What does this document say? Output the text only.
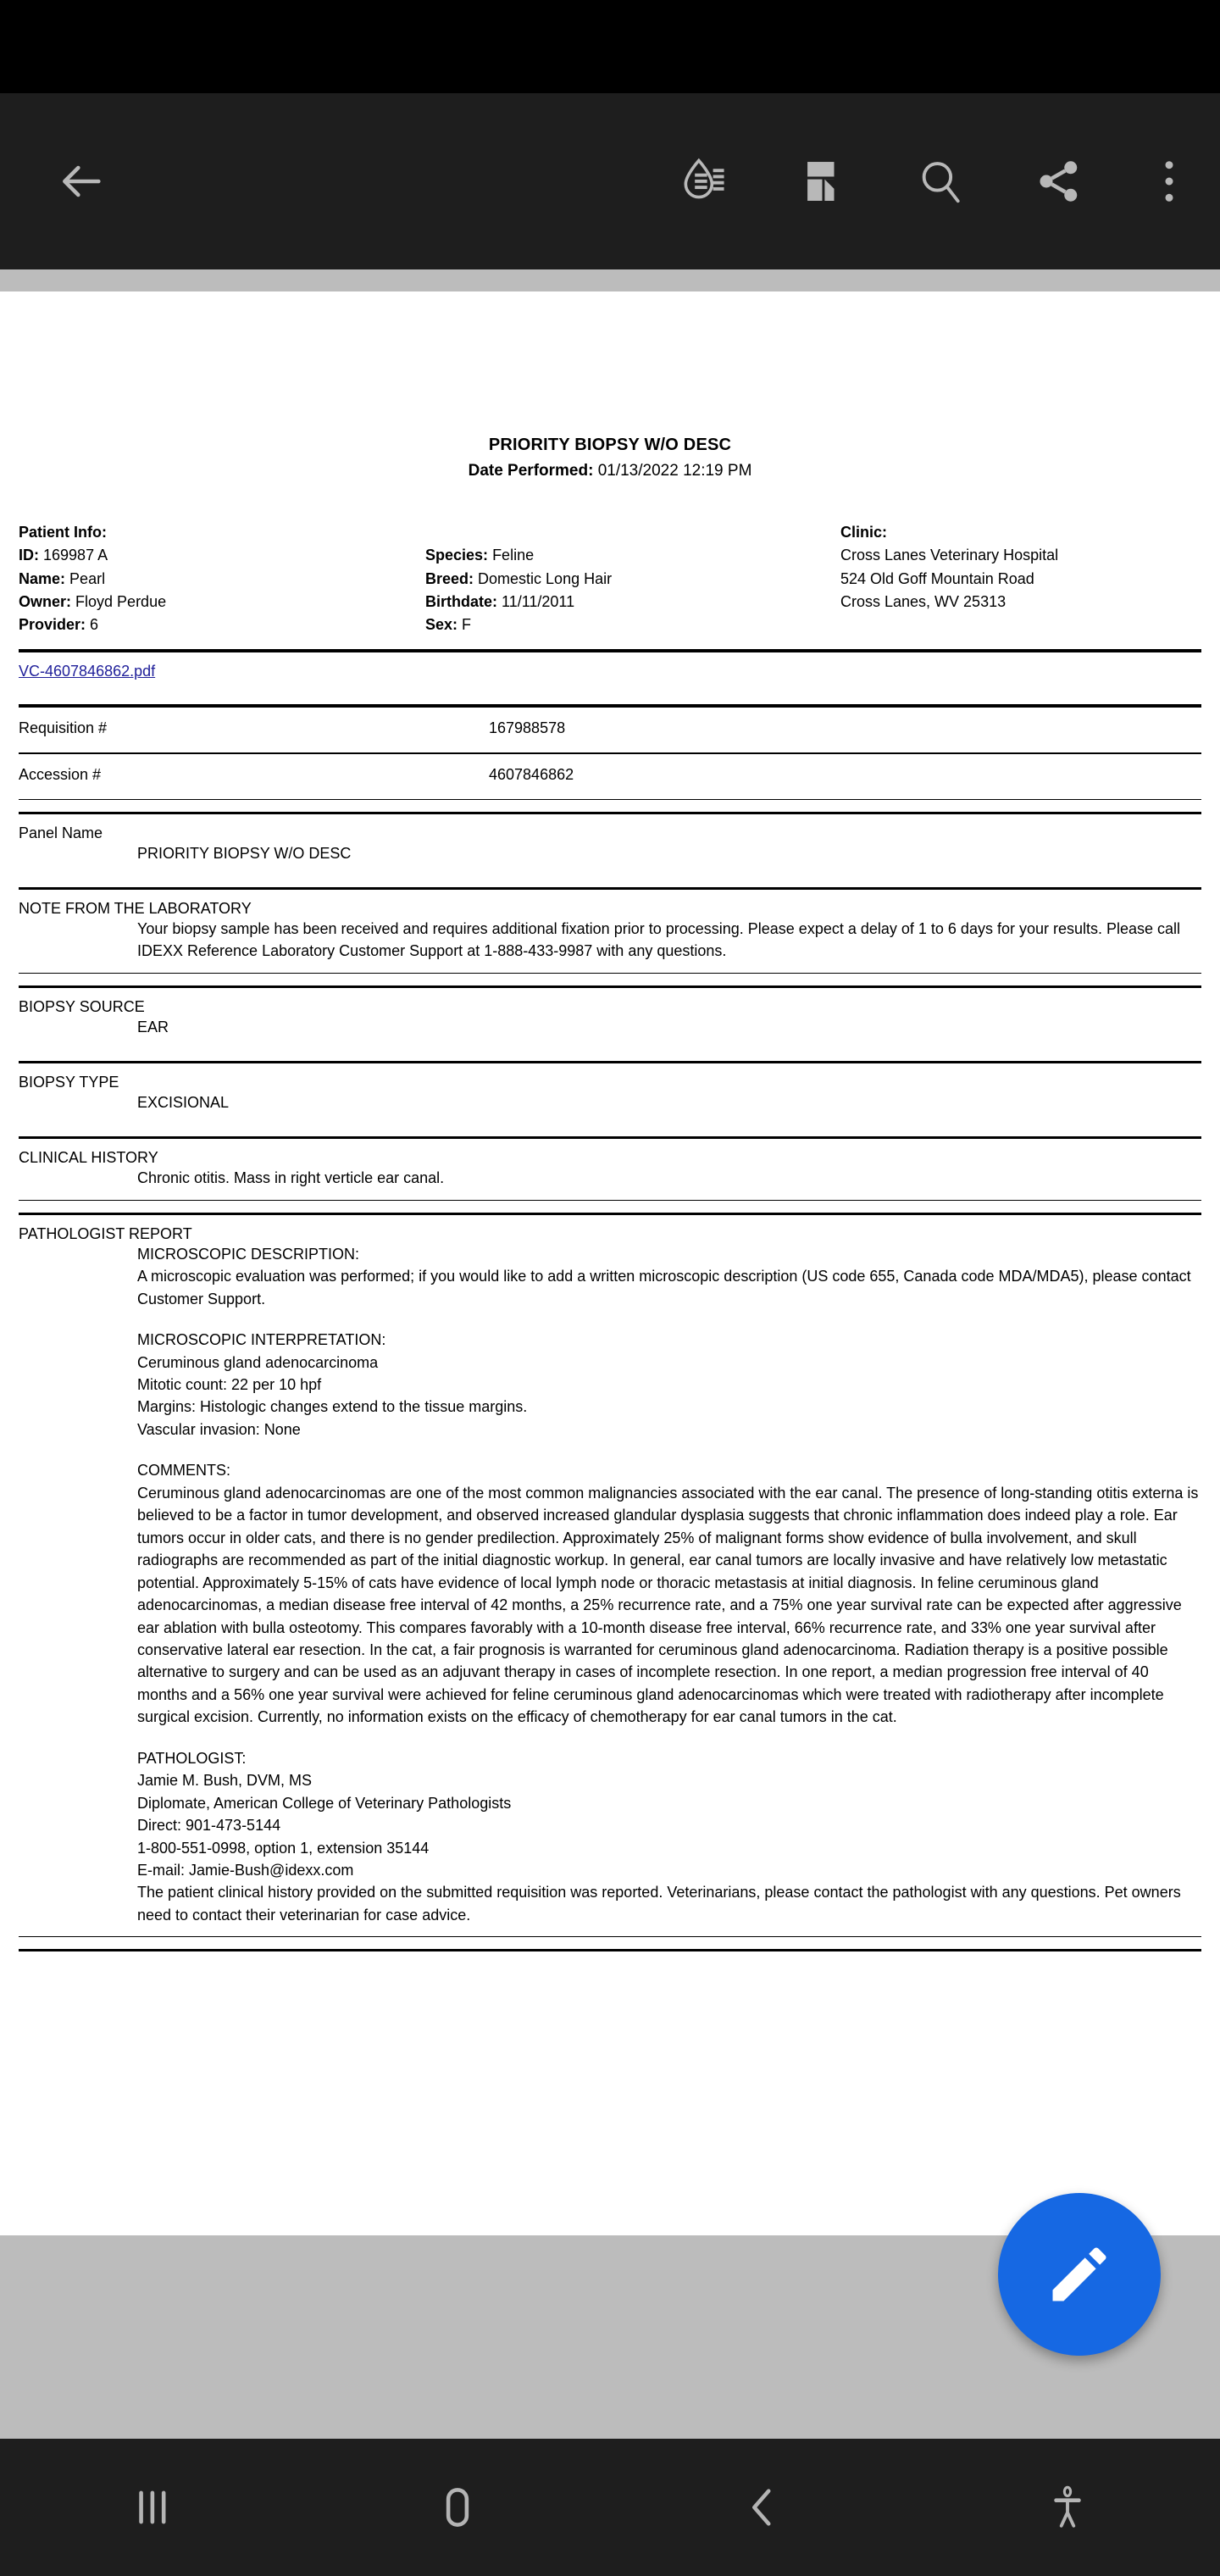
PRIORITY BIOPSY W/O DESC
Date Performed: 01/13/2022 12:19 PM
Patient Info:
ID: 169987 A
Name: Pearl
Owner: Floyd Perdue
Provider: 6
Species: Feline
Breed: Domestic Long Hair
Birthdate: 11/11/2011
Sex: F
Clinic:
Cross Lanes Veterinary Hospital
524 Old Goff Mountain Road
Cross Lanes, WV 25313
VC-4607846862.pdf
Requisition #	167988578
Accession #	4607846862
Panel Name
PRIORITY BIOPSY W/O DESC
NOTE FROM THE LABORATORY
Your biopsy sample has been received and requires additional fixation prior to processing. Please expect a delay of 1 to 6 days for your results. Please call IDEXX Reference Laboratory Customer Support at 1-888-433-9987 with any questions.
BIOPSY SOURCE
EAR
BIOPSY TYPE
EXCISIONAL
CLINICAL HISTORY
Chronic otitis. Mass in right verticle ear canal.
PATHOLOGIST REPORT
MICROSCOPIC DESCRIPTION:
A microscopic evaluation was performed; if you would like to add a written microscopic description (US code 655, Canada code MDA/MDA5), please contact Customer Support.
MICROSCOPIC INTERPRETATION:
Ceruminous gland adenocarcinoma
Mitotic count: 22 per 10 hpf
Margins: Histologic changes extend to the tissue margins.
Vascular invasion: None
COMMENTS:
Ceruminous gland adenocarcinomas are one of the most common malignancies associated with the ear canal. The presence of long-standing otitis externa is believed to be a factor in tumor development, and observed increased glandular dysplasia suggests that chronic inflammation does indeed play a role. Ear tumors occur in older cats, and there is no gender predilection. Approximately 25% of malignant forms show evidence of bulla involvement, and skull radiographs are recommended as part of the initial diagnostic workup. In general, ear canal tumors are locally invasive and have relatively low metastatic potential. Approximately 5-15% of cats have evidence of local lymph node or thoracic metastasis at initial diagnosis. In feline ceruminous gland adenocarcinomas, a median disease free interval of 42 months, a 25% recurrence rate, and a 75% one year survival rate can be expected after aggressive ear ablation with bulla osteotomy. This compares favorably with a 10-month disease free interval, 66% recurrence rate, and 33% one year survival after conservative lateral ear resection. In the cat, a fair prognosis is warranted for ceruminous gland adenocarcinoma. Radiation therapy is a positive possible alternative to surgery and can be used as an adjuvant therapy in cases of incomplete resection. In one report, a median progression free interval of 40 months and a 56% one year survival were achieved for feline ceruminous gland adenocarcinomas which were treated with radiotherapy after incomplete surgical excision. Currently, no information exists on the efficacy of chemotherapy for ear canal tumors in the cat.
PATHOLOGIST:
Jamie M. Bush, DVM, MS
Diplomate, American College of Veterinary Pathologists
Direct: 901-473-5144
1-800-551-0998, option 1, extension 35144
E-mail: Jamie-Bush@idexx.com
The patient clinical history provided on the submitted requisition was reported. Veterinarians, please contact the pathologist with any questions. Pet owners need to contact their veterinarian for case advice.
